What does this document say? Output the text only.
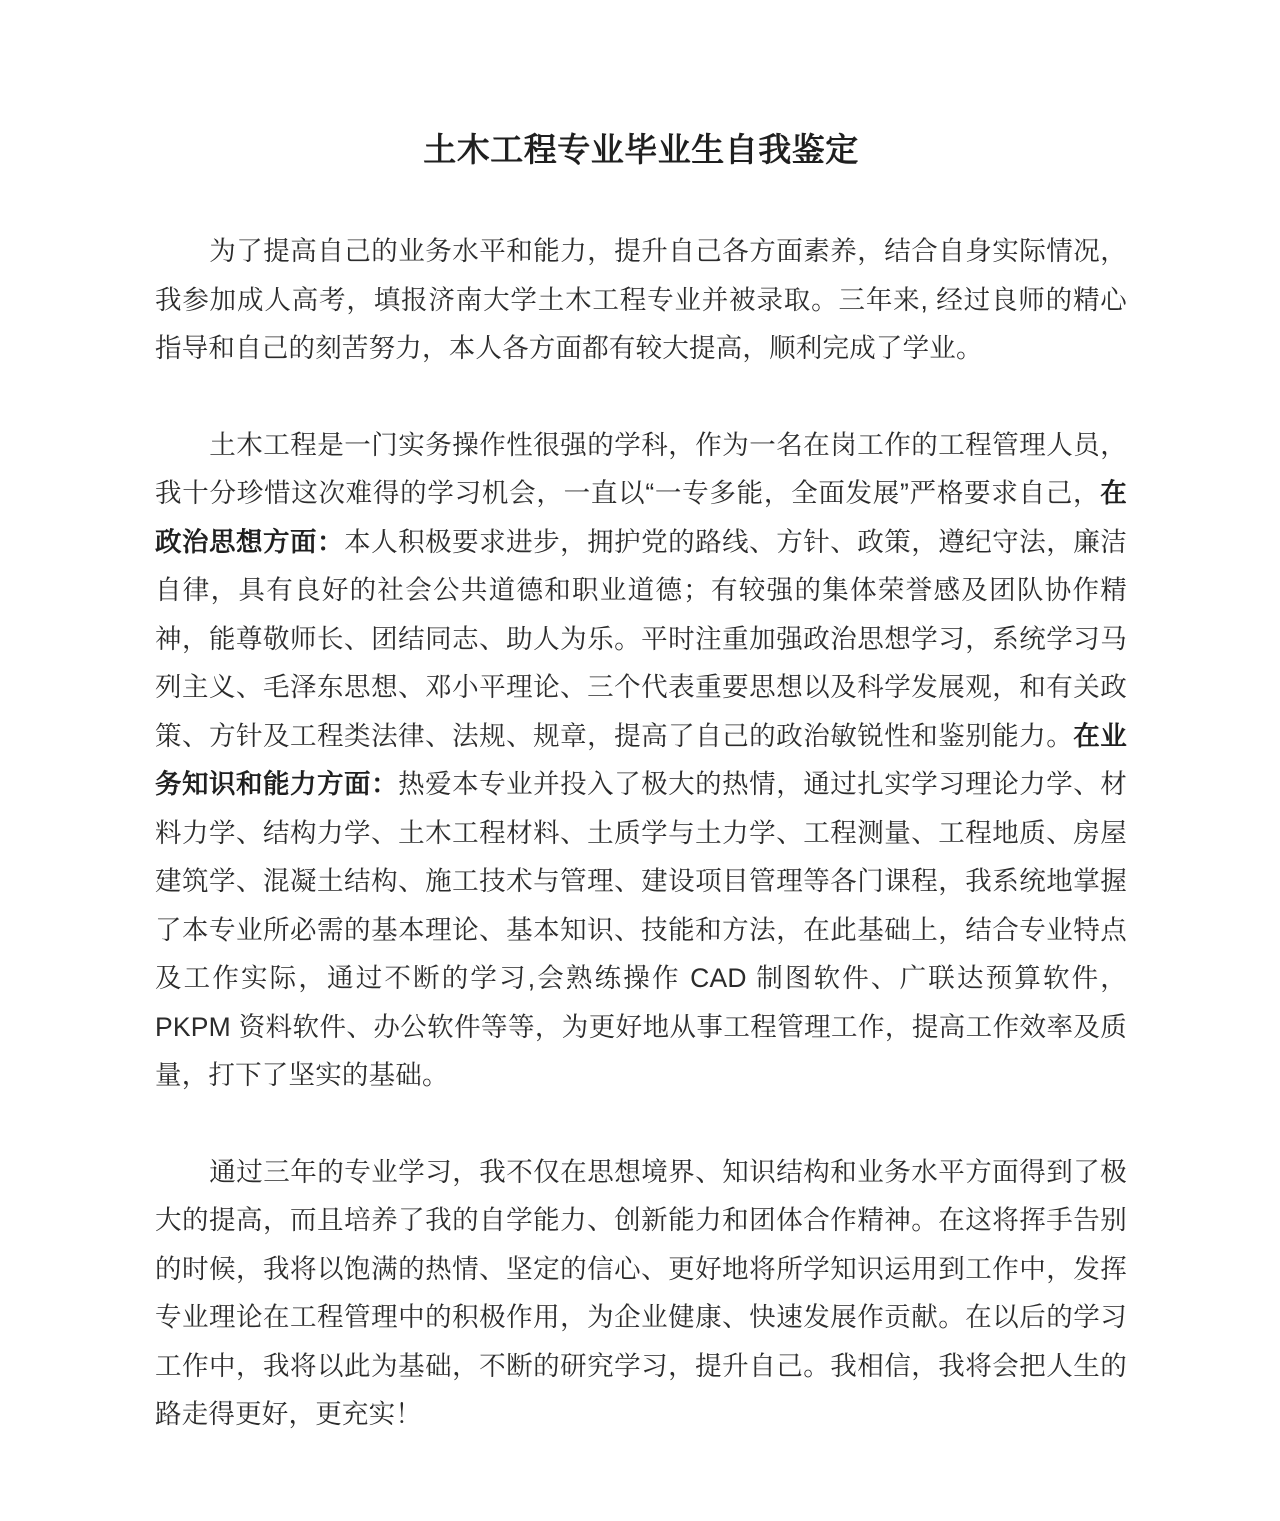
土木工程专业毕业生自我鉴定

为了提高自己的业务水平和能力，提升自己各方面素养，结合自身实际情况，我参加成人高考，填报济南大学土木工程专业并被录取。三年来, 经过良师的精心指导和自己的刻苦努力，本人各方面都有较大提高，顺利完成了学业。

土木工程是一门实务操作性很强的学科，作为一名在岗工作的工程管理人员，我十分珍惜这次难得的学习机会，一直以“一专多能，全面发展”严格要求自己，在政治思想方面：本人积极要求进步，拥护党的路线、方针、政策，遵纪守法，廉洁自律，具有良好的社会公共道德和职业道德；有较强的集体荣誉感及团队协作精神，能尊敬师长、团结同志、助人为乐。平时注重加强政治思想学习，系统学习马列主义、毛泽东思想、邓小平理论、三个代表重要思想以及科学发展观，和有关政策、方针及工程类法律、法规、规章，提高了自己的政治敏锐性和鉴别能力。在业务知识和能力方面：热爱本专业并投入了极大的热情，通过扎实学习理论力学、材料力学、结构力学、土木工程材料、土质学与土力学、工程测量、工程地质、房屋建筑学、混凝土结构、施工技术与管理、建设项目管理等各门课程，我系统地掌握了本专业所必需的基本理论、基本知识、技能和方法，在此基础上，结合专业特点及工作实际，通过不断的学习,会熟练操作 CAD 制图软件、广联达预算软件，PKPM 资料软件、办公软件等等，为更好地从事工程管理工作，提高工作效率及质量，打下了坚实的基础。

通过三年的专业学习，我不仅在思想境界、知识结构和业务水平方面得到了极大的提高，而且培养了我的自学能力、创新能力和团体合作精神。在这将挥手告别的时候，我将以饱满的热情、坚定的信心、更好地将所学知识运用到工作中，发挥专业理论在工程管理中的积极作用，为企业健康、快速发展作贡献。在以后的学习工作中，我将以此为基础，不断的研究学习，提升自己。我相信，我将会把人生的路走得更好，更充实！
